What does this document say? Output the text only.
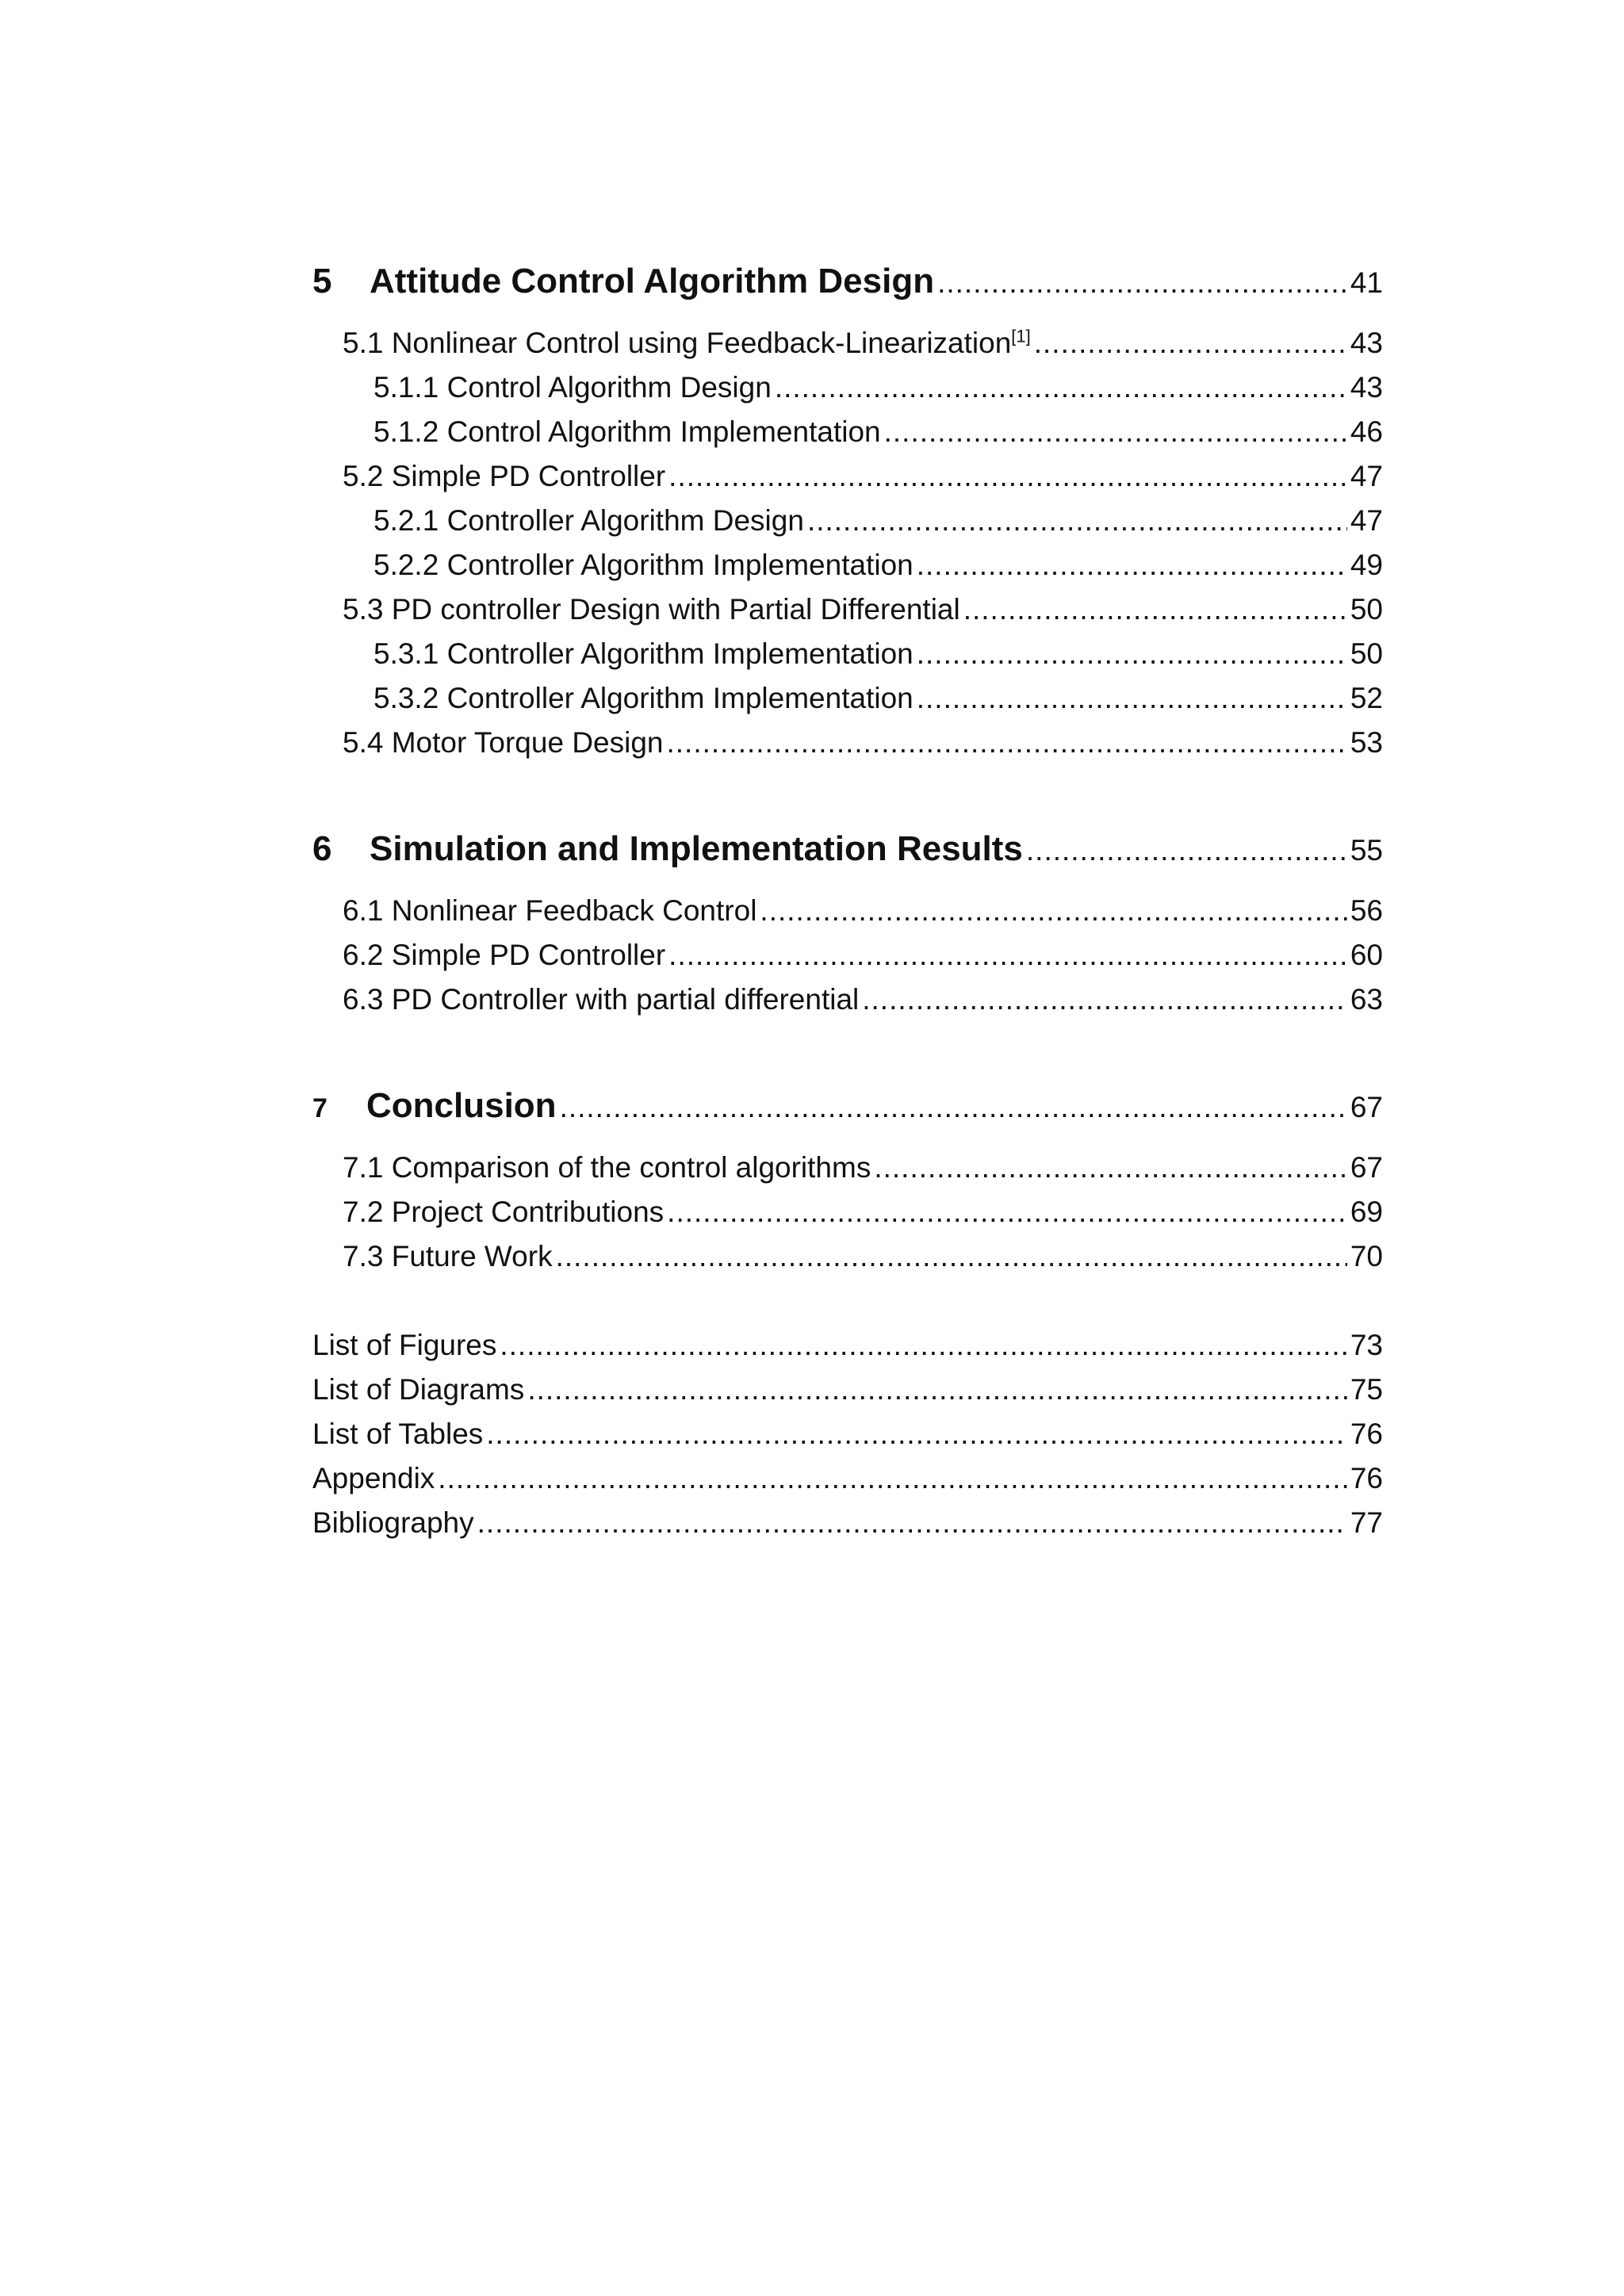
5 Attitude Control Algorithm Design .....	41
5.1 Nonlinear Control using Feedback-Linearization[1] .....	43
5.1.1 Control Algorithm Design .....	43
5.1.2 Control Algorithm Implementation .....	46
5.2 Simple PD Controller .....	47
5.2.1 Controller Algorithm Design .....	47
5.2.2 Controller Algorithm Implementation .....	49
5.3 PD controller Design with Partial Differential .....	50
5.3.1 Controller Algorithm Implementation .....	50
5.3.2 Controller Algorithm Implementation .....	52
5.4 Motor Torque Design .....	53
6 Simulation and Implementation Results .....	55
6.1 Nonlinear Feedback Control .....	56
6.2 Simple PD Controller .....	60
6.3 PD Controller with partial differential .....	63
7 Conclusion .....	67
7.1 Comparison of the control algorithms .....	67
7.2 Project Contributions .....	69
7.3 Future Work .....	70
List of Figures .....	73
List of Diagrams .....	75
List of Tables .....	76
Appendix .....	76
Bibliography .....	77
